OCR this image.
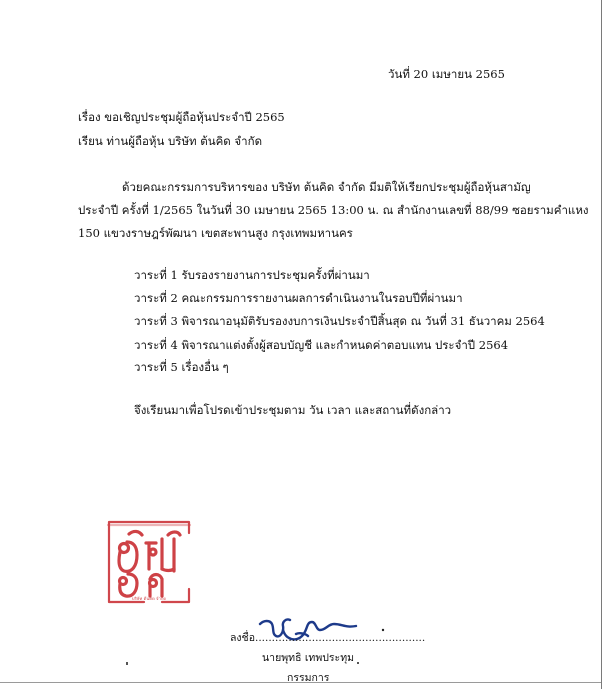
วันที่ 20 เมษายน 2565
เรื่อง ขอเชิญประชุมผู้ถือหุ้นประจำปี 2565
เรียน ท่านผู้ถือหุ้น บริษัท ต้นคิด จำกัด
ด้วยคณะกรรมการบริหารของ บริษัท ต้นคิด จำกัด มีมติให้เรียกประชุมผู้ถือหุ้นสามัญ
ประจำปี ครั้งที่ 1/2565 ในวันที่ 30 เมษายน 2565 13:00 น. ณ สำนักงานเลขที่ 88/99 ซอยรามคำแหง
150 แขวงราษฎร์พัฒนา เขตสะพานสูง กรุงเทพมหานคร
วาระที่ 1 รับรองรายงานการประชุมครั้งที่ผ่านมา
วาระที่ 2 คณะกรรมการรายงานผลการดำเนินงานในรอบปีที่ผ่านมา
วาระที่ 3 พิจารณาอนุมัติรับรองงบการเงินประจำปีสิ้นสุด ณ วันที่ 31 ธันวาคม 2564
วาระที่ 4 พิจารณาแต่งตั้งผู้สอบบัญชี และกำหนดค่าตอบแทน ประจำปี 2564
วาระที่ 5 เรื่องอื่น ๆ
จึงเรียนมาเพื่อโปรดเข้าประชุมตาม วัน เวลา และสถานที่ดังกล่าว
บริษัท ต้นคิด จำกัด
ลงชื่อ...................................................
นายพุทธิ เทพประทุม
กรรมการ
